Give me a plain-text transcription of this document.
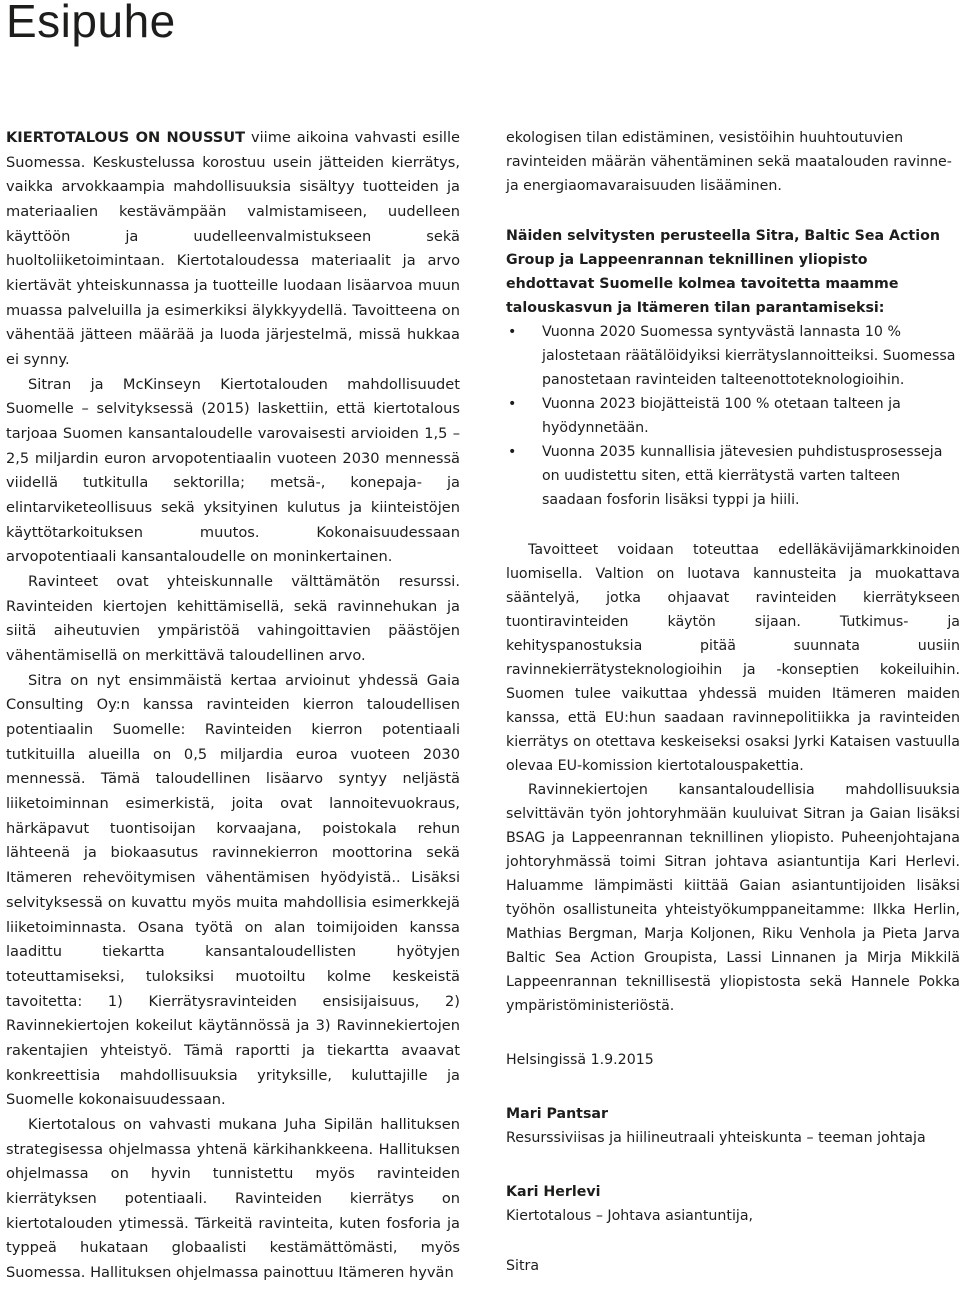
Esipuhe

KIERTOTALOUS ON NOUSSUT viime aikoina vahvasti esille Suomessa. Keskustelussa korostuu usein jätteiden kierrätys, vaikka arvokkaampia mahdollisuuksia sisältyy tuotteiden ja materiaalien kestävämpään valmistamiseen, uudelleen käyttöön ja uudelleenvalmistukseen sekä huoltoliiketoimintaan. Kiertotaloudessa materiaalit ja arvo kiertävät yhteiskunnassa ja tuotteille luodaan lisäarvoa muun muassa palveluilla ja esimerkiksi älykkyydellä. Tavoitteena on vähentää jätteen määrää ja luoda järjestelmä, missä hukkaa ei synny.

Sitran ja McKinseyn Kiertotalouden mahdollisuudet Suomelle – selvityksessä (2015) laskettiin, että kiertotalous tarjoaa Suomen kansantaloudelle varovaisesti arvioiden 1,5 –2,5 miljardin euron arvopotentiaalin vuoteen 2030 mennessä viidellä tutkitulla sektorilla; metsä-, konepaja- ja elintarviketeollisuus sekä yksityinen kulutus ja kiinteistöjen käyttötarkoituksen muutos. Kokonaisuudessaan arvopotentiaali kansantaloudelle on moninkertainen.

Ravinteet ovat yhteiskunnalle välttämätön resurssi. Ravinteiden kiertojen kehittämisellä, sekä ravinnehukan ja siitä aiheutuvien ympäristöä vahingoittavien päästöjen vähentämisellä on merkittävä taloudellinen arvo.

Sitra on nyt ensimmäistä kertaa arvioinut yhdessä Gaia Consulting Oy:n kanssa ravinteiden kierron taloudellisen potentiaalin Suomelle: Ravinteiden kierron potentiaali tutkituilla alueilla on 0,5 miljardia euroa vuoteen 2030 mennessä. Tämä taloudellinen lisäarvo syntyy neljästä liiketoiminnan esimerkistä, joita ovat lannoitevuokraus, härkäpavut tuontisoijan korvaajana, poistokala rehun lähteenä ja biokaasutus ravinnekierron moottorina sekä Itämeren rehevöitymisen vähentämisen hyödyistä.. Lisäksi selvityksessä on kuvattu myös muita mahdollisia esimerkkejä liiketoiminnasta. Osana työtä on alan toimijoiden kanssa laadittu tiekartta kansantaloudellisten hyötyjen toteuttamiseksi, tuloksiksi muotoiltu kolme keskeistä tavoitetta: 1) Kierrätysravinteiden ensisijaisuus, 2) Ravinnekiertojen kokeilut käytännössä ja 3) Ravinnekiertojen rakentajien yhteistyö. Tämä raportti ja tiekartta avaavat konkreettisia mahdollisuuksia yrityksille, kuluttajille ja Suomelle kokonaisuudessaan.

Kiertotalous on vahvasti mukana Juha Sipilän hallituksen strategisessa ohjelmassa yhtenä kärkihankkeena. Hallituksen ohjelmassa on hyvin tunnistettu myös ravinteiden kierrätyksen potentiaali. Ravinteiden kierrätys on kiertotalouden ytimessä. Tärkeitä ravinteita, kuten fosforia ja typpeä hukataan globaalisti kestämättömästi, myös Suomessa. Hallituksen ohjelmassa painottuu Itämeren hyvän

ekologisen tilan edistäminen, vesistöihin huuhtoutuvien ravinteiden määrän vähentäminen sekä maatalouden ravinne- ja energiaomavaraisuuden lisääminen.

Näiden selvitysten perusteella Sitra, Baltic Sea Action Group ja Lappeenrannan teknillinen yliopisto ehdottavat Suomelle kolmea tavoitetta maamme talouskasvun ja Itämeren tilan parantamiseksi:

• Vuonna 2020 Suomessa syntyvästä lannasta 10 % jalostetaan räätälöidyiksi kierrätyslannoitteiksi. Suomessa panostetaan ravinteiden talteenottoteknologioihin.
• Vuonna 2023 biojätteistä 100 % otetaan talteen ja hyödynnetään.
• Vuonna 2035 kunnallisia jätevesien puhdistusprosesseja on uudistettu siten, että kierrätystä varten talteen saadaan fosforin lisäksi typpi ja hiili.

Tavoitteet voidaan toteuttaa edelläkävijämarkkinoiden luomisella. Valtion on luotava kannusteita ja muokattava sääntelyä, jotka ohjaavat ravinteiden kierrätykseen tuontiravinteiden käytön sijaan. Tutkimus- ja kehityspanostuksia pitää suunnata uusiin ravinnekierrätysteknologioihin ja -konseptien kokeiluihin. Suomen tulee vaikuttaa yhdessä muiden Itämeren maiden kanssa, että EU:hun saadaan ravinnepolitiikka ja ravinteiden kierrätys on otettava keskeiseksi osaksi Jyrki Kataisen vastuulla olevaa EU-komission kiertotalouspakettia.

Ravinnekiertojen kansantaloudellisia mahdollisuuksia selvittävän työn johtoryhmään kuuluivat Sitran ja Gaian lisäksi BSAG ja Lappeenrannan teknillinen yliopisto. Puheenjohtajana johtoryhmässä toimi Sitran johtava asiantuntija Kari Herlevi. Haluamme lämpimästi kiittää Gaian asiantuntijoiden lisäksi työhön osallistuneita yhteistyökumppaneitamme: Ilkka Herlin, Mathias Bergman, Marja Koljonen, Riku Venhola ja Pieta Jarva Baltic Sea Action Groupista, Lassi Linnanen ja Mirja Mikkilä Lappeenrannan teknillisestä yliopistosta sekä Hannele Pokka ympäristöministeriöstä.

Helsingissä 1.9.2015

Mari Pantsar

Resurssiviisas ja hiilineutraali yhteiskunta – teeman johtaja

Kari Herlevi

Kiertotalous – Johtava asiantuntija,

Sitra
